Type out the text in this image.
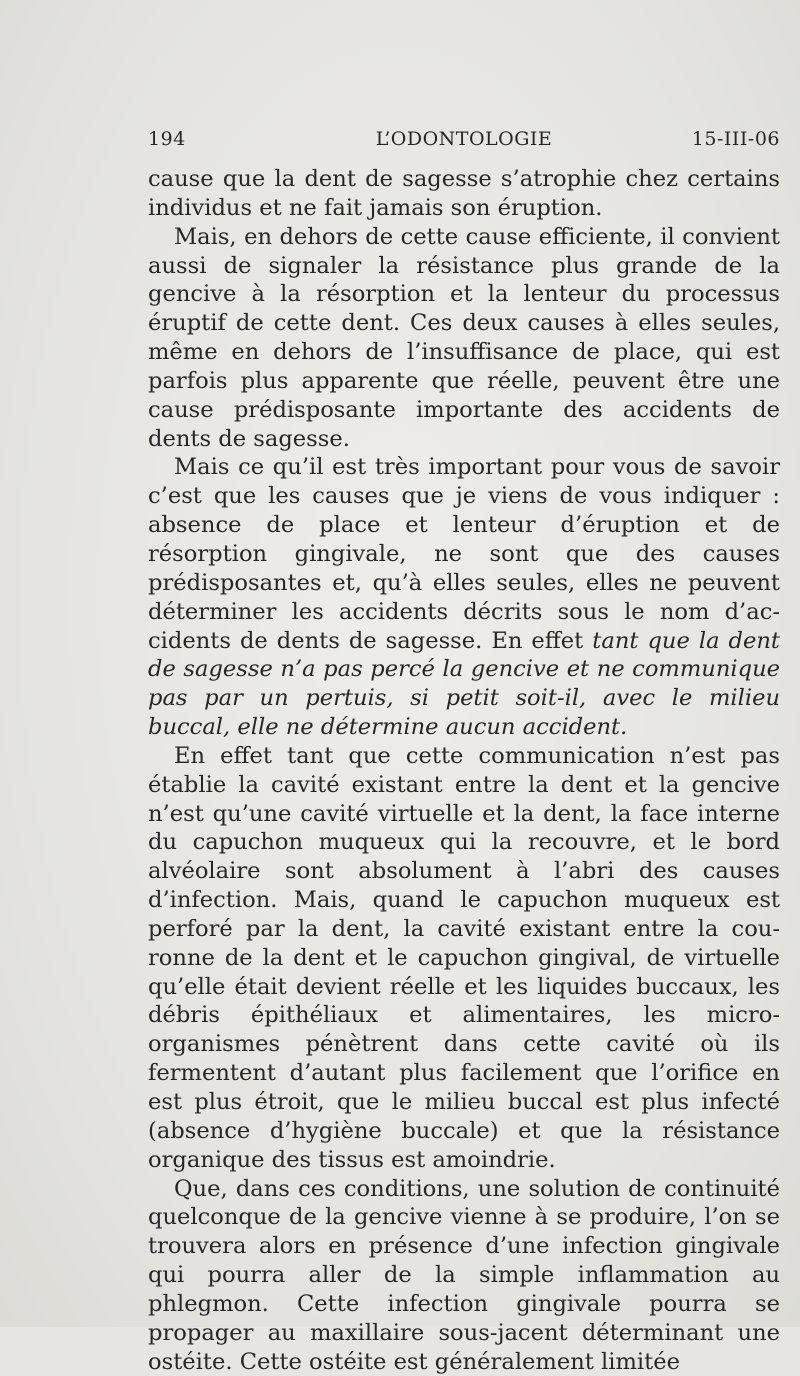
194	L’ODONTOLOGIE	15-III-06

cause que la dent de sagesse s’atrophie chez certains individus et ne fait jamais son éruption.

Mais, en dehors de cette cause efficiente, il convient aussi de signaler la résistance plus grande de la gencive à la résorption et la lenteur du processus éruptif de cette dent. Ces deux causes à elles seules, même en dehors de l’insuffisance de place, qui est parfois plus apparente que réelle, peuvent être une cause prédisposante importante des accidents de dents de sagesse.

Mais ce qu’il est très important pour vous de savoir c’est que les causes que je viens de vous indiquer : absence de place et lenteur d’éruption et de résorption gingivale, ne sont que des causes prédisposantes et, qu’à elles seules, elles ne peuvent déterminer les accidents décrits sous le nom d’accidents de dents de sagesse. En effet tant que la dent de sagesse n’a pas percé la gencive et ne communique pas par un pertuis, si petit soit-il, avec le milieu buccal, elle ne détermine aucun accident.

En effet tant que cette communication n’est pas établie la cavité existant entre la dent et la gencive n’est qu’une cavité virtuelle et la dent, la face interne du capuchon muqueux qui la recouvre, et le bord alvéolaire sont absolument à l’abri des causes d’infection. Mais, quand le capuchon muqueux est perforé par la dent, la cavité existant entre la couronne de la dent et le capuchon gingival, de virtuelle qu’elle était devient réelle et les liquides buccaux, les débris épithéliaux et alimentaires, les micro-organismes pénètrent dans cette cavité où ils fermentent d’autant plus facilement que l’orifice en est plus étroit, que le milieu buccal est plus infecté (absence d’hygiène buccale) et que la résistance organique des tissus est amoindrie.

Que, dans ces conditions, une solution de continuité quelconque de la gencive vienne à se produire, l’on se trouvera alors en présence d’une infection gingivale qui pourra aller de la simple inflammation au phlegmon. Cette infection gingivale pourra se propager au maxillaire sous-jacent déterminant une ostéite. Cette ostéite est généralement limitée
